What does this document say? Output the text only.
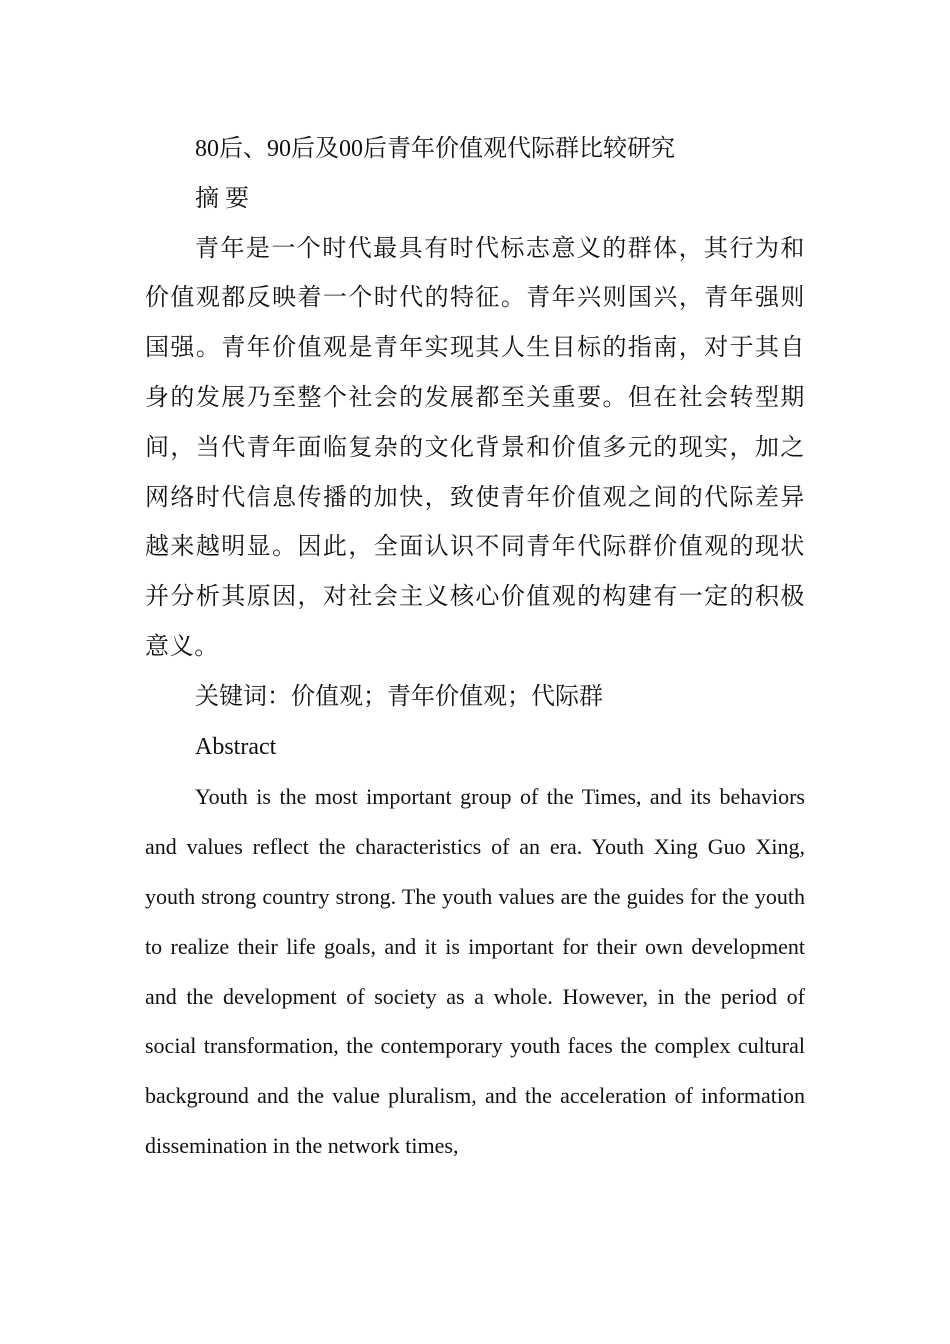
80后、90后及00后青年价值观代际群比较研究
摘 要

青年是一个时代最具有时代标志意义的群体，其行为和价值观都反映着一个时代的特征。青年兴则国兴，青年强则国强。青年价值观是青年实现其人生目标的指南，对于其自身的发展乃至整个社会的发展都至关重要。但在社会转型期间，当代青年面临复杂的文化背景和价值多元的现实，加之网络时代信息传播的加快，致使青年价值观之间的代际差异越来越明显。因此，全面认识不同青年代际群价值观的现状并分析其原因，对社会主义核心价值观的构建有一定的积极意义。

关键词：价值观；青年价值观；代际群
Abstract

Youth is the most important group of the Times, and its behaviors and values reflect the characteristics of an era. Youth Xing Guo Xing, youth strong country strong. The youth values are the guides for the youth to realize their life goals, and it is important for their own development and the development of society as a whole. However, in the period of social transformation, the contemporary youth faces the complex cultural background and the value pluralism, and the acceleration of information dissemination in the network times,
